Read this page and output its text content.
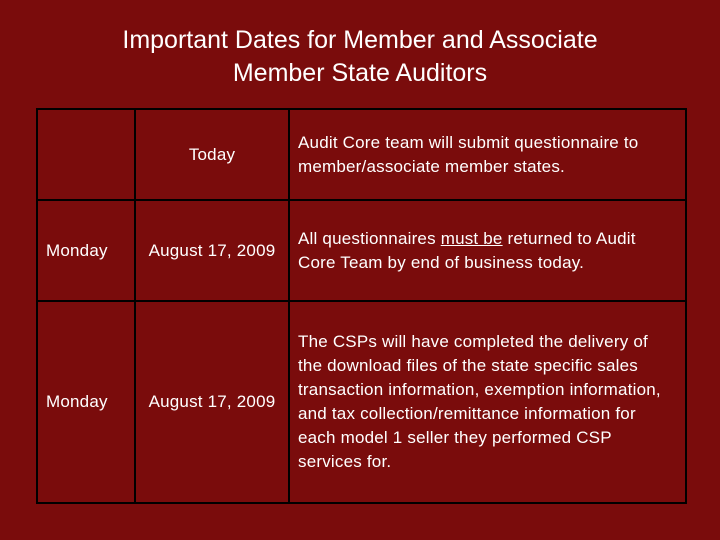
Important Dates for Member and Associate
Member State Auditors
	Today	Audit Core team will submit questionnaire to member/associate member states.
Monday	August 17, 2009	All questionnaires must be returned to Audit Core Team by end of business today.
Monday	August 17, 2009	The CSPs will have completed the delivery of the download files of the state specific sales transaction information, exemption information, and tax collection/remittance information for each model 1 seller they performed CSP services for.
